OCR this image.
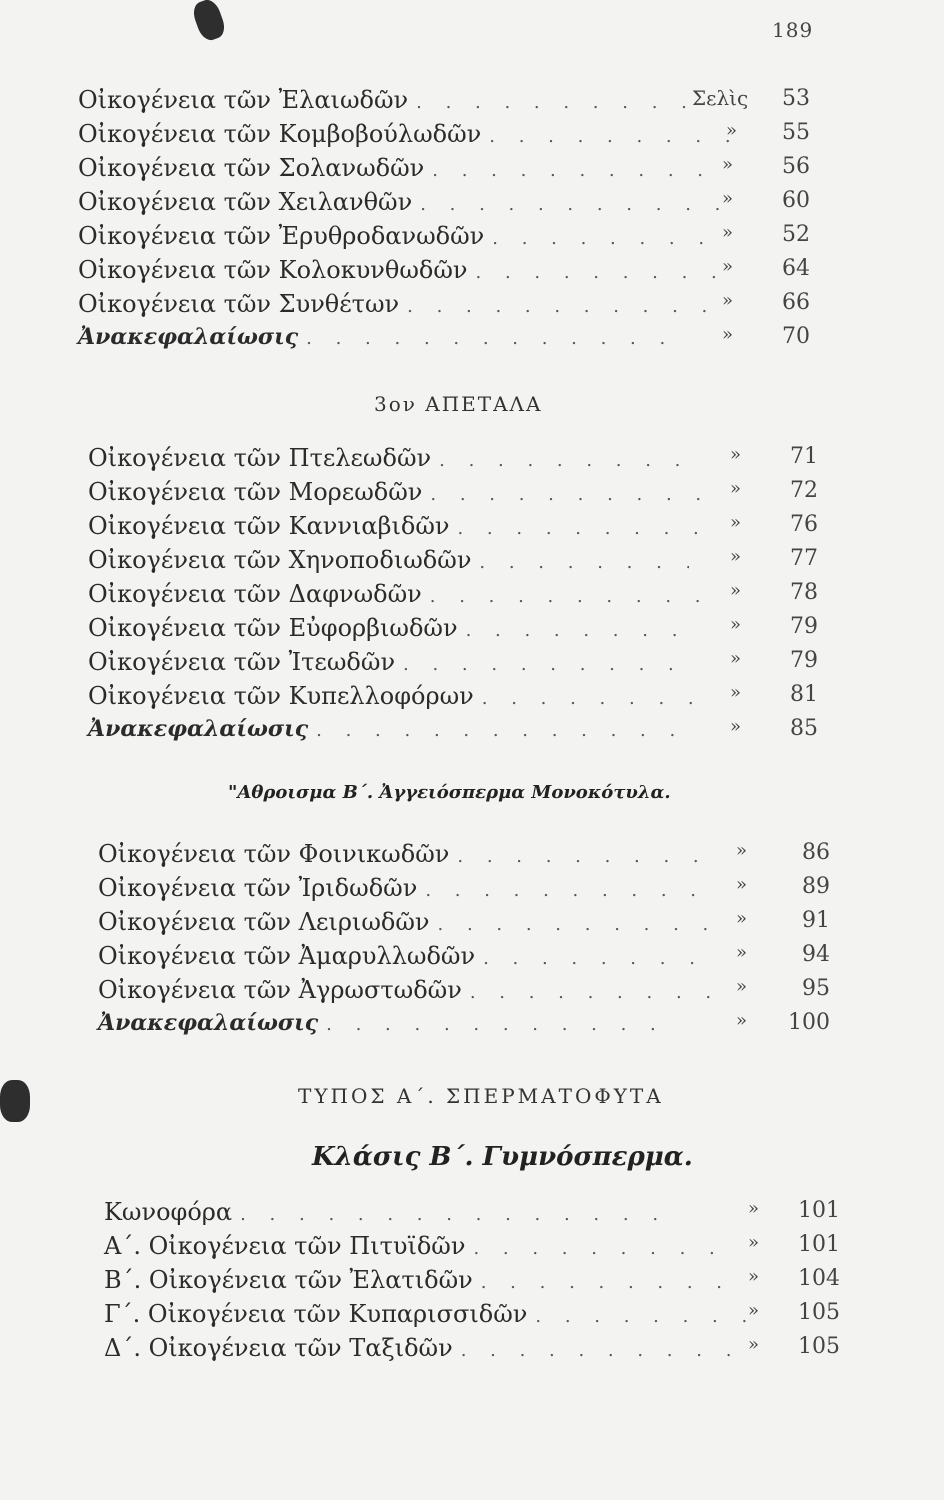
189
Οἰκογένεια τῶν Ἐλαιωδῶν . . .	Σελὶς	53
Οἰκογένεια τῶν Κομβοβούλωδῶν . . .	»	55
Οἰκογένεια τῶν Σολανωδῶν . . .	»	56
Οἰκογένεια τῶν Χειλανθῶν . . .	»	60
Οἰκογένεια τῶν Ἐρυθροδανωδῶν . . .	»	52
Οἰκογένεια τῶν Κολοκυνθωδῶν . . .	»	64
Οἰκογένεια τῶν Συνθέτων . . .	»	66
Ἀνακεφαλαίωσις . . .	»	70
3ον ΑΠΕΤΑΛΑ
Οἰκογένεια τῶν Πτελεωδῶν . . .	»	71
Οἰκογένεια τῶν Μορεωδῶν . . .	»	72
Οἰκογένεια τῶν Καννιαβιδῶν . . .	»	76
Οἰκογένεια τῶν Χηνοποδιωδῶν . . .	»	77
Οἰκογένεια τῶν Δαφνωδῶν . . .	»	78
Οἰκογένεια τῶν Εὐφορβιωδῶν . . .	»	79
Οἰκογένεια τῶν Ἰτεωδῶν . . .	»	79
Οἰκογένεια τῶν Κυπελλοφόρων . . .	»	81
Ἀνακεφαλαίωσις . . .	»	85
"Αθροισμα Β΄. Ἀγγειόσπερμα Μονοκότυλα.
Οἰκογένεια τῶν Φοινικωδῶν . . .	»	86
Οἰκογένεια τῶν Ἰριδωδῶν . . .	»	89
Οἰκογένεια τῶν Λειριωδῶν . . .	»	91
Οἰκογένεια τῶν Ἀμαρυλλωδῶν . . .	»	94
Οἰκογένεια τῶν Ἀγρωστωδῶν . . .	»	95
Ἀνακεφαλαίωσις . . .	»	100
ΤΥΠΟΣ Α΄. ΣΠΕΡΜΑΤΟΦΥΤΑ
Κλάσις Β΄. Γυμνόσπερμα.
Κωνοφόρα . . .	»	101
Α΄. Οἰκογένεια τῶν Πιτυϊδῶν . . .	»	101
Β΄. Οἰκογένεια τῶν Ἐλατιδῶν . . .	»	104
Γ΄. Οἰκογένεια τῶν Κυπαρισσιδῶν . . .	»	105
Δ΄. Οἰκογένεια τῶν Ταξιδῶν . . .	»	105
